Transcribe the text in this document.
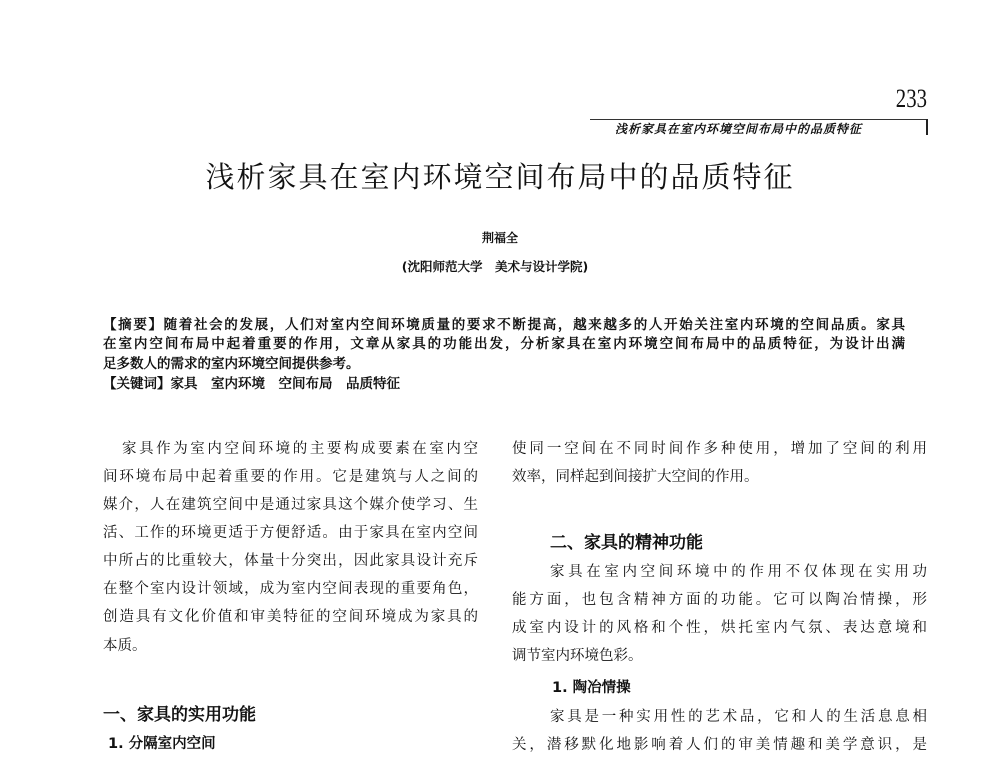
233
浅析家具在室内环境空间布局中的品质特征
浅析家具在室内环境空间布局中的品质特征
荆福全
(沈阳师范大学　美术与设计学院)
【摘要】随着社会的发展，人们对室内空间环境质量的要求不断提高，越来越多的人开始关注室内环境的空间品质。家具
在室内空间布局中起着重要的作用，文章从家具的功能出发，分析家具在室内环境空间布局中的品质特征，为设计出满
足多数人的需求的室内环境空间提供参考。
【关键词】家具　室内环境　空间布局　品质特征
家具作为室内空间环境的主要构成要素在室内空
间环境布局中起着重要的作用。它是建筑与人之间的
媒介，人在建筑空间中是通过家具这个媒介使学习、生
活、工作的环境更适于方便舒适。由于家具在室内空间
中所占的比重较大，体量十分突出，因此家具设计充斥
在整个室内设计领域，成为室内空间表现的重要角色，
创造具有文化价值和审美特征的空间环境成为家具的
本质。
一、家具的实用功能
1. 分隔室内空间
使同一空间在不同时间作多种使用，增加了空间的利用
效率，同样起到间接扩大空间的作用。
二、家具的精神功能
家具在室内空间环境中的作用不仅体现在实用功
能方面，也包含精神方面的功能。它可以陶冶情操，形
成室内设计的风格和个性，烘托室内气氛、表达意境和
调节室内环境色彩。
1. 陶冶情操
家具是一种实用性的艺术品，它和人的生活息息相
关，潜移默化地影响着人们的审美情趣和美学意识，是
